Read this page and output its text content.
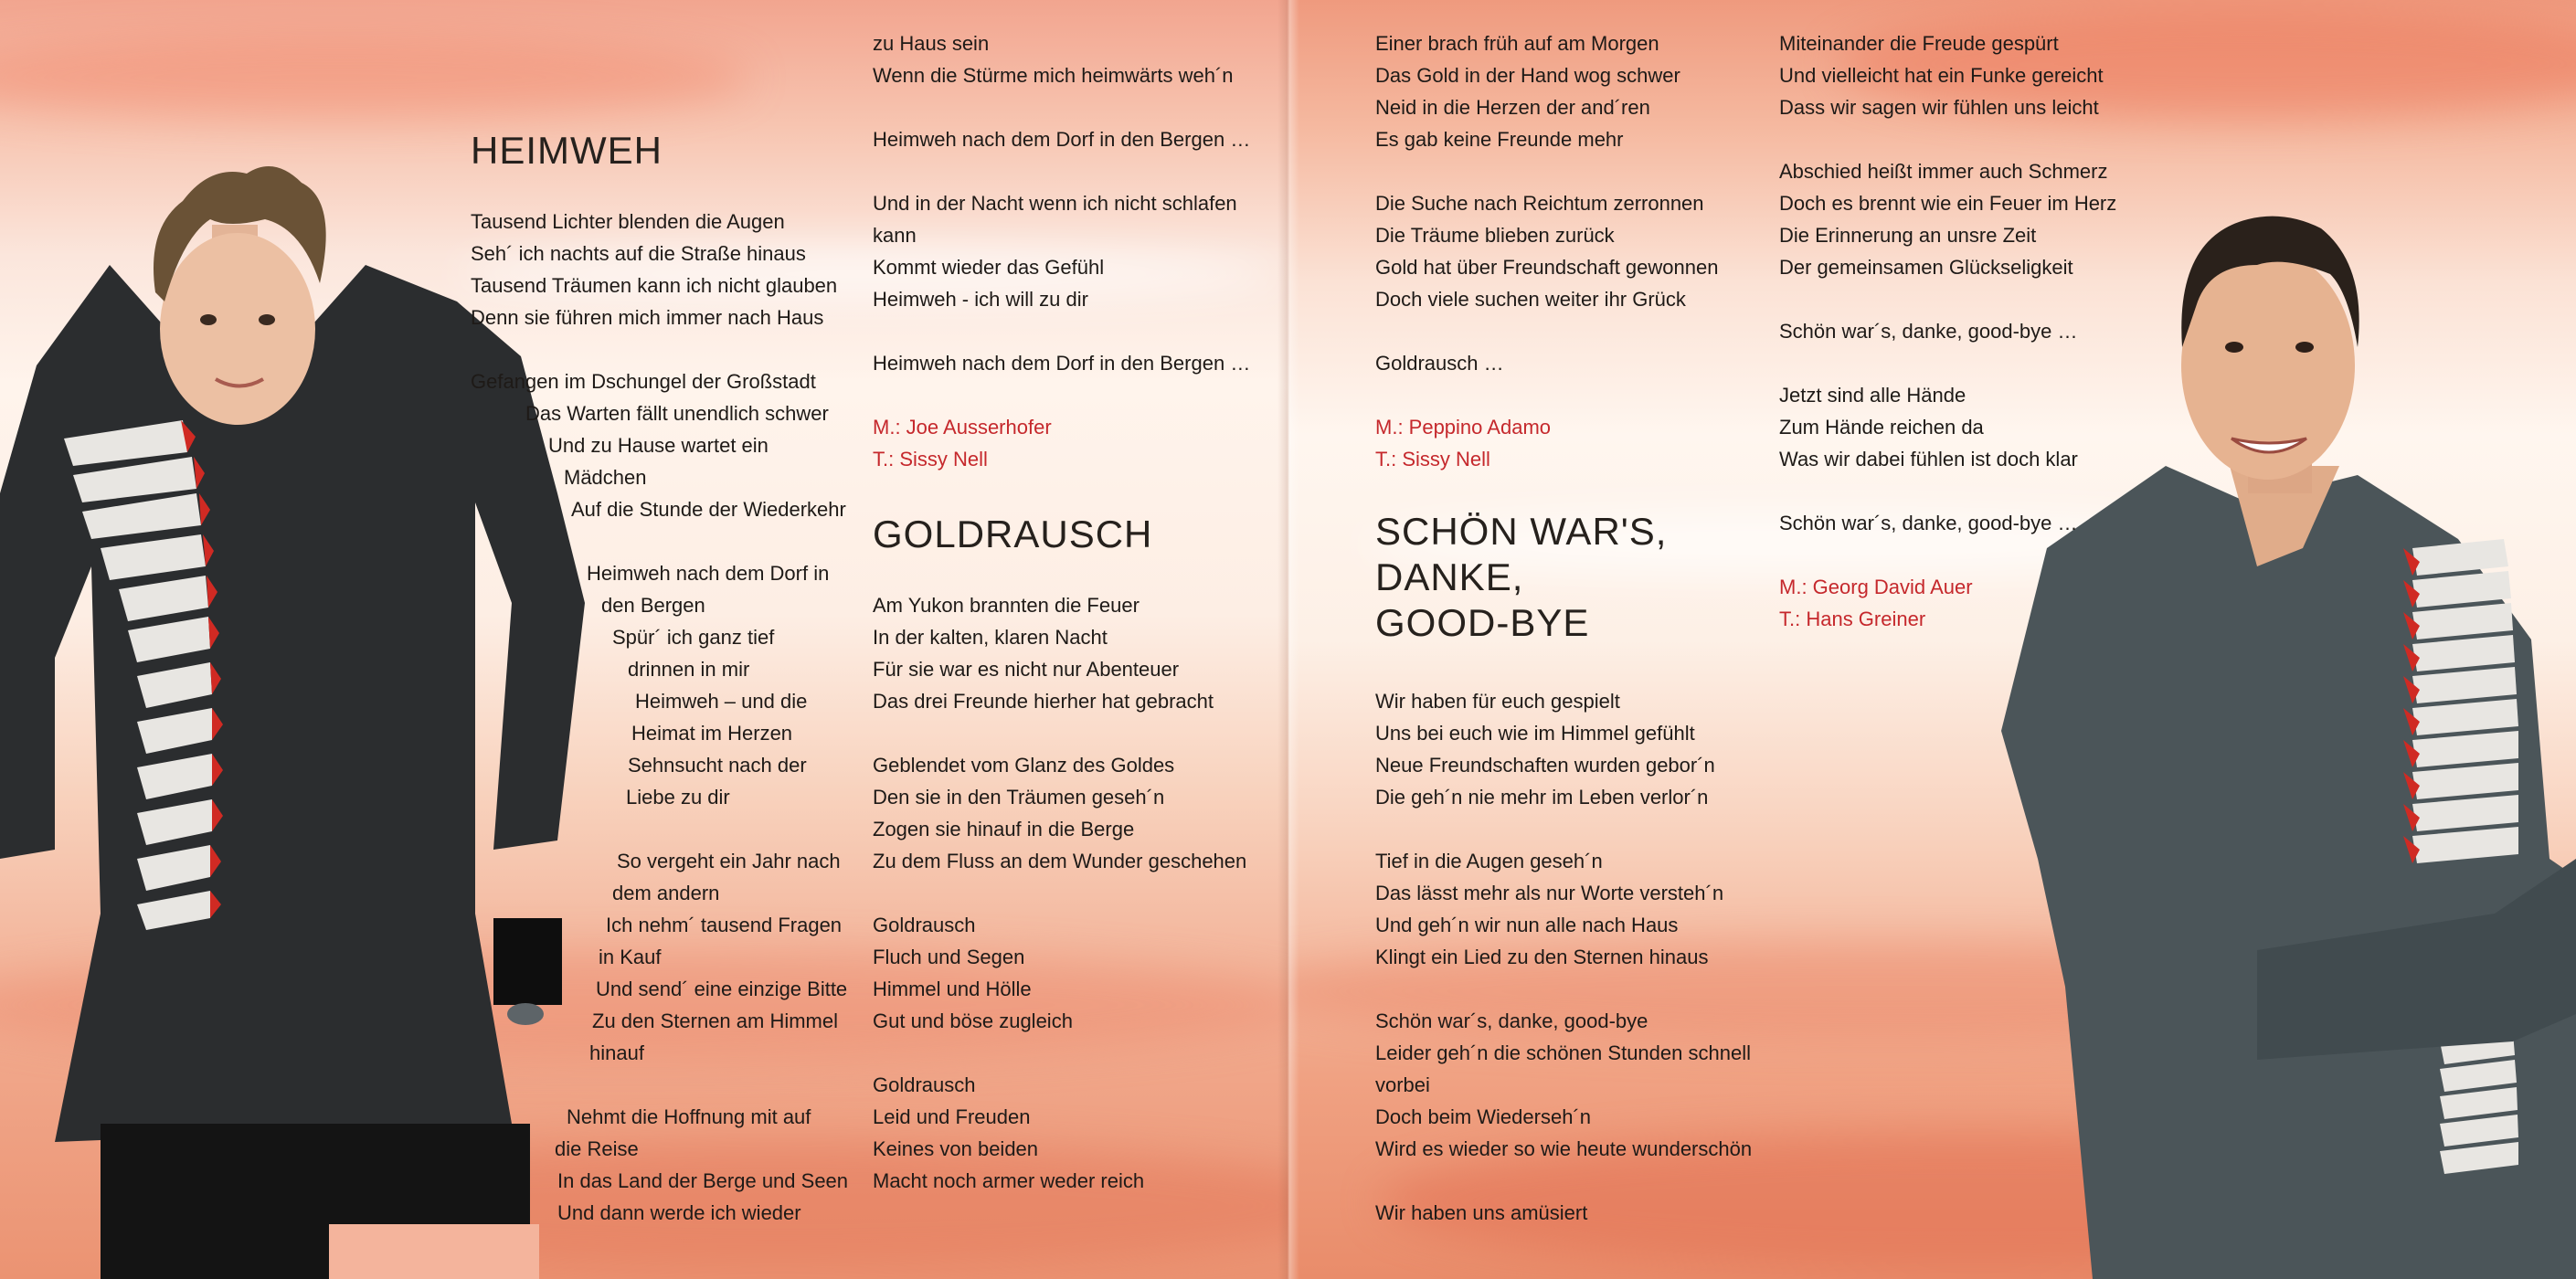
HEIMWEH
Tausend Lichter blenden die Augen
Seh´ ich nachts auf die Straße hinaus
Tausend Träumen kann ich nicht glauben
Denn sie führen mich immer nach Haus
Gefangen im Dschungel der Großstadt
Das Warten fällt unendlich schwer
Und zu Hause wartet ein
Mädchen
Auf die Stunde der Wiederkehr
Heimweh nach dem Dorf in
den Bergen
Spür´ ich ganz tief
drinnen in mir
Heimweh – und die
Heimat im Herzen
Sehnsucht nach der
Liebe zu dir
So vergeht ein Jahr nach
dem andern
Ich nehm´ tausend Fragen
in Kauf
Und send´ eine einzige Bitte
Zu den Sternen am Himmel
hinauf
Nehmt die Hoffnung mit auf
die Reise
In das Land der Berge und Seen
Und dann werde ich wieder
zu Haus sein
Wenn die Stürme mich heimwärts weh´n
Heimweh nach dem Dorf in den Bergen …
Und in der Nacht wenn ich nicht schlafen
kann
Kommt wieder das Gefühl
Heimweh - ich will zu dir
Heimweh nach dem Dorf in den Bergen …
M.: Joe Ausserhofer
T.: Sissy Nell
GOLDRAUSCH
Am Yukon brannten die Feuer
In der kalten, klaren Nacht
Für sie war es nicht nur Abenteuer
Das drei Freunde hierher hat gebracht
Geblendet vom Glanz des Goldes
Den sie in den Träumen geseh´n
Zogen sie hinauf in die Berge
Zu dem Fluss an dem Wunder geschehen
Goldrausch
Fluch und Segen
Himmel und Hölle
Gut und böse zugleich
Goldrausch
Leid und Freuden
Keines von beiden
Macht noch armer weder reich
Einer brach früh auf am Morgen
Das Gold in der Hand wog schwer
Neid in die Herzen der and´ren
Es gab keine Freunde mehr
Die Suche nach Reichtum zerronnen
Die Träume blieben zurück
Gold hat über Freundschaft gewonnen
Doch viele suchen weiter ihr Grück
Goldrausch …
M.: Peppino Adamo
T.: Sissy Nell
SCHÖN WAR'S,
DANKE,
GOOD-BYE
Wir haben für euch gespielt
Uns bei euch wie im Himmel gefühlt
Neue Freundschaften wurden gebor´n
Die geh´n nie mehr im Leben verlor´n
Tief in die Augen geseh´n
Das lässt mehr als nur Worte versteh´n
Und geh´n wir nun alle nach Haus
Klingt ein Lied zu den Sternen hinaus
Schön war´s, danke, good-bye
Leider geh´n die schönen Stunden schnell
vorbei
Doch beim Wiederseh´n
Wird es wieder so wie heute wunderschön
Wir haben uns amüsiert
Miteinander die Freude gespürt
Und vielleicht hat ein Funke gereicht
Dass wir sagen wir fühlen uns leicht
Abschied heißt immer auch Schmerz
Doch es brennt wie ein Feuer im Herz
Die Erinnerung an unsre Zeit
Der gemeinsamen Glückseligkeit
Schön war´s, danke, good-bye …
Jetzt sind alle Hände
Zum Hände reichen da
Was wir dabei fühlen ist doch klar
Schön war´s, danke, good-bye …
M.: Georg David Auer
T.: Hans Greiner
